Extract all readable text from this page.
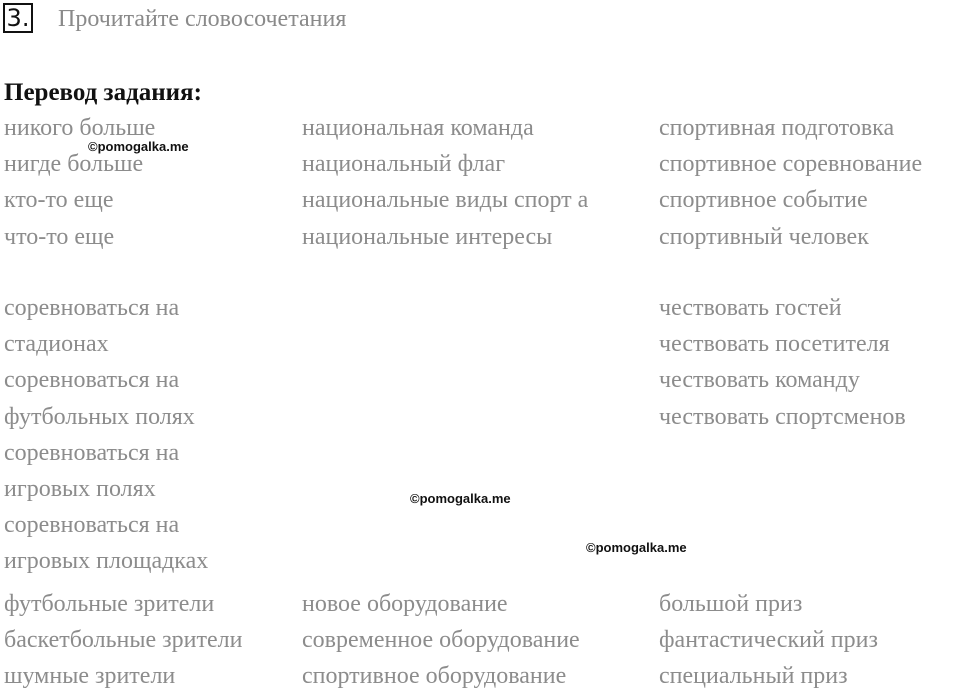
3. Прочитайте словосочетания
Перевод задания:
никого больше
нигде больше
кто-то еще
что-то еще
национальная команда
национальный флаг
национальные виды спорт а
национальные интересы
спортивная подготовка
спортивное соревнование
спортивное событие
спортивный человек
соревноваться на
стадионах
соревноваться на
футбольных полях
соревноваться на
игровых полях
соревноваться на
игровых площадках
чествовать гостей
чествовать посетителя
чествовать команду
чествовать спортсменов
футбольные зрители
баскетбольные зрители
шумные зрители
новое оборудование
современное оборудование
спортивное оборудование
большой приз
фантастический приз
специальный приз
©pomogalka.me
©pomogalka.me
©pomogalka.me
